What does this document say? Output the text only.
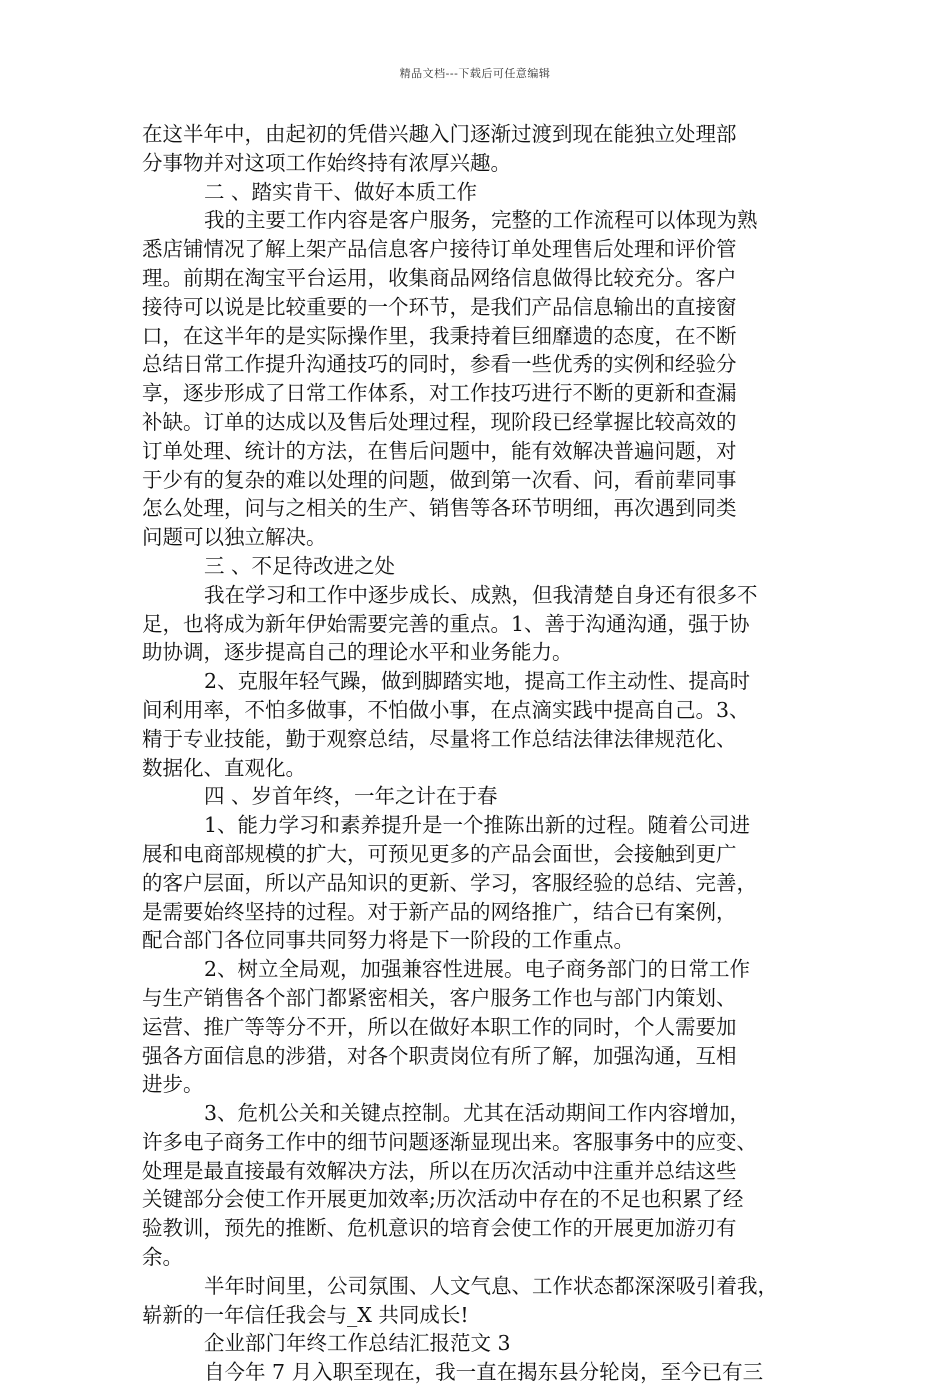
精品文档---下载后可任意编辑
在这半年中，由起初的凭借兴趣入门逐渐过渡到现在能独立处理部
分事物并对这项工作始终持有浓厚兴趣。
二 、踏实肯干、做好本质工作
我的主要工作内容是客户服务，完整的工作流程可以体现为熟
悉店铺情况了解上架产品信息客户接待订单处理售后处理和评价管
理。前期在淘宝平台运用，收集商品网络信息做得比较充分。客户
接待可以说是比较重要的一个环节，是我们产品信息输出的直接窗
口，在这半年的是实际操作里，我秉持着巨细靡遗的态度，在不断
总结日常工作提升沟通技巧的同时，参看一些优秀的实例和经验分
享，逐步形成了日常工作体系，对工作技巧进行不断的更新和查漏
补缺。订单的达成以及售后处理过程，现阶段已经掌握比较高效的
订单处理、统计的方法，在售后问题中，能有效解决普遍问题，对
于少有的复杂的难以处理的问题，做到第一次看、问，看前辈同事
怎么处理，问与之相关的生产、销售等各环节明细，再次遇到同类
问题可以独立解决。
三 、不足待改进之处
我在学习和工作中逐步成长、成熟，但我清楚自身还有很多不
足，也将成为新年伊始需要完善的重点。1、善于沟通沟通，强于协
助协调，逐步提高自己的理论水平和业务能力。
2、克服年轻气躁，做到脚踏实地，提高工作主动性、提高时
间利用率，不怕多做事，不怕做小事，在点滴实践中提高自己。3、
精于专业技能，勤于观察总结，尽量将工作总结法律法律规范化、
数据化、直观化。
四 、岁首年终，一年之计在于春
1、能力学习和素养提升是一个推陈出新的过程。随着公司进
展和电商部规模的扩大，可预见更多的产品会面世，会接触到更广
的客户层面，所以产品知识的更新、学习，客服经验的总结、完善，
是需要始终坚持的过程。对于新产品的网络推广，结合已有案例，
配合部门各位同事共同努力将是下一阶段的工作重点。
2、树立全局观，加强兼容性进展。电子商务部门的日常工作
与生产销售各个部门都紧密相关，客户服务工作也与部门内策划、
运营、推广等等分不开，所以在做好本职工作的同时，个人需要加
强各方面信息的涉猎，对各个职责岗位有所了解，加强沟通，互相
进步。
3、危机公关和关键点控制。尤其在活动期间工作内容增加，
许多电子商务工作中的细节问题逐渐显现出来。客服事务中的应变、
处理是最直接最有效解决方法，所以在历次活动中注重并总结这些
关键部分会使工作开展更加效率;历次活动中存在的不足也积累了经
验教训，预先的推断、危机意识的培育会使工作的开展更加游刃有
余。
半年时间里，公司氛围、人文气息、工作状态都深深吸引着我，
崭新的一年信任我会与_X 共同成长!
企业部门年终工作总结汇报范文 3
自今年 7 月入职至现在，我一直在揭东县分轮岗，至今已有三
